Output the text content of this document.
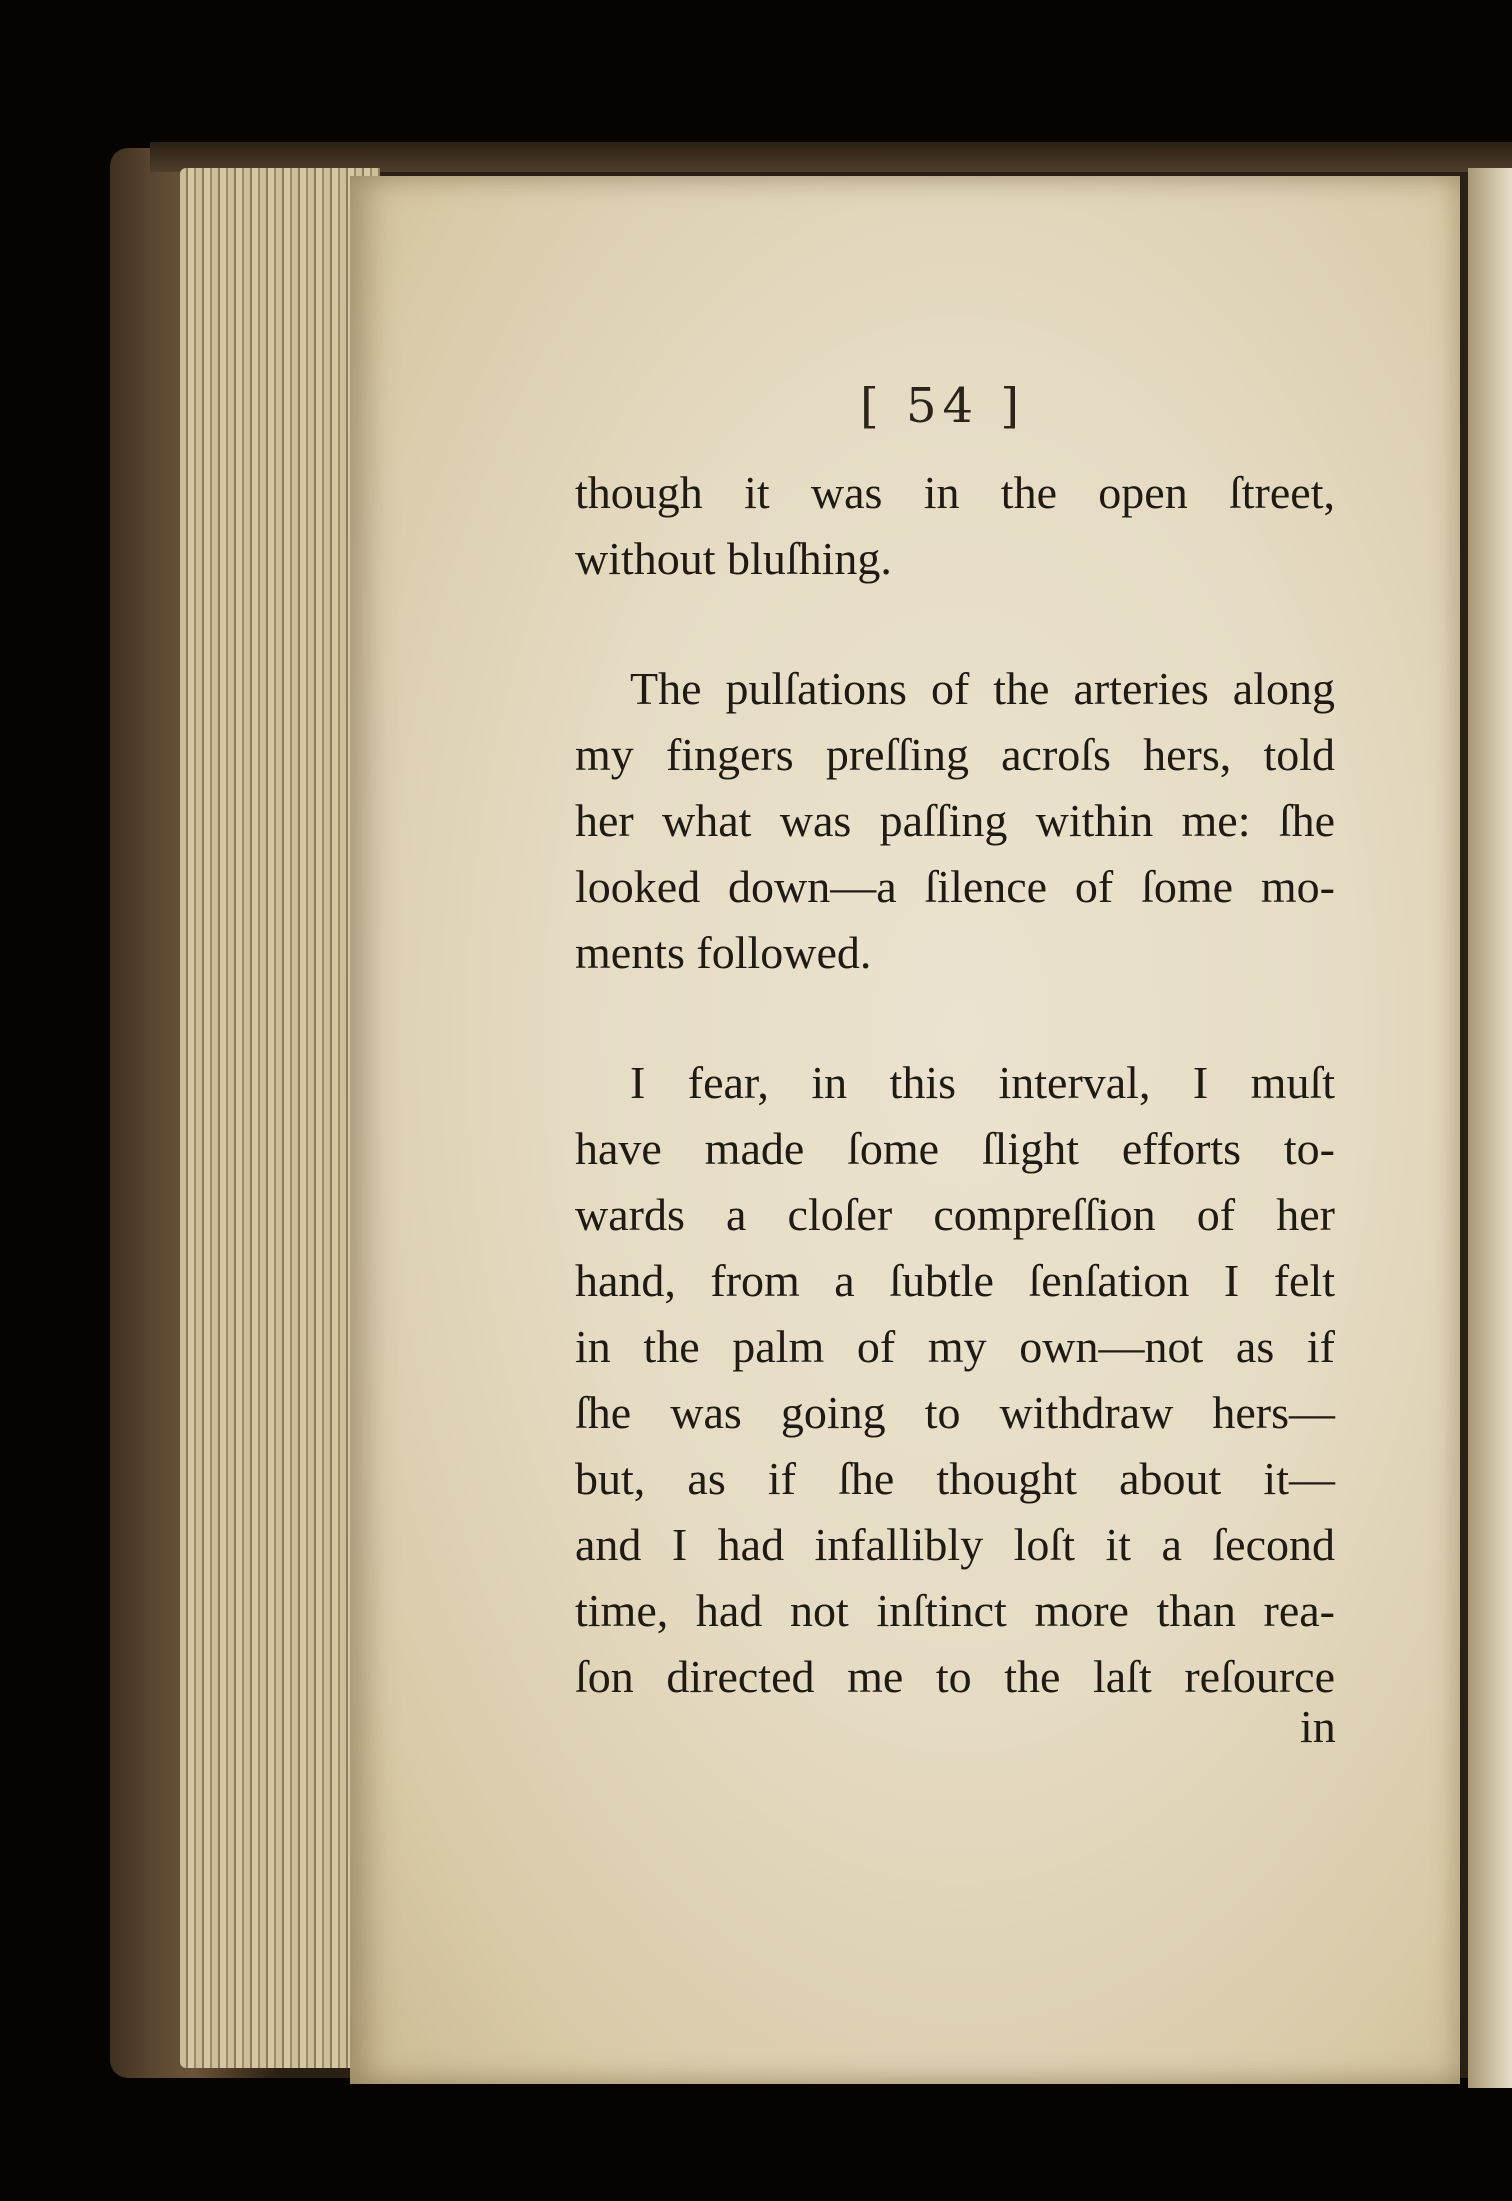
[ 54 ]

though it was in the open ſtreet,
without bluſhing.

The pulſations of the arteries along
my fingers preſſing acroſs hers, told
her what was paſſing within me: ſhe
looked down—a ſilence of ſome mo-
ments followed.

I fear, in this interval, I muſt
have made ſome ſlight efforts to-
wards a cloſer compreſſion of her
hand, from a ſubtle ſenſation I felt
in the palm of my own—not as if
ſhe was going to withdraw hers—
but, as if ſhe thought about it—
and I had infallibly loſt it a ſecond
time, had not inſtinct more than rea-
ſon directed me to the laſt reſource

in
